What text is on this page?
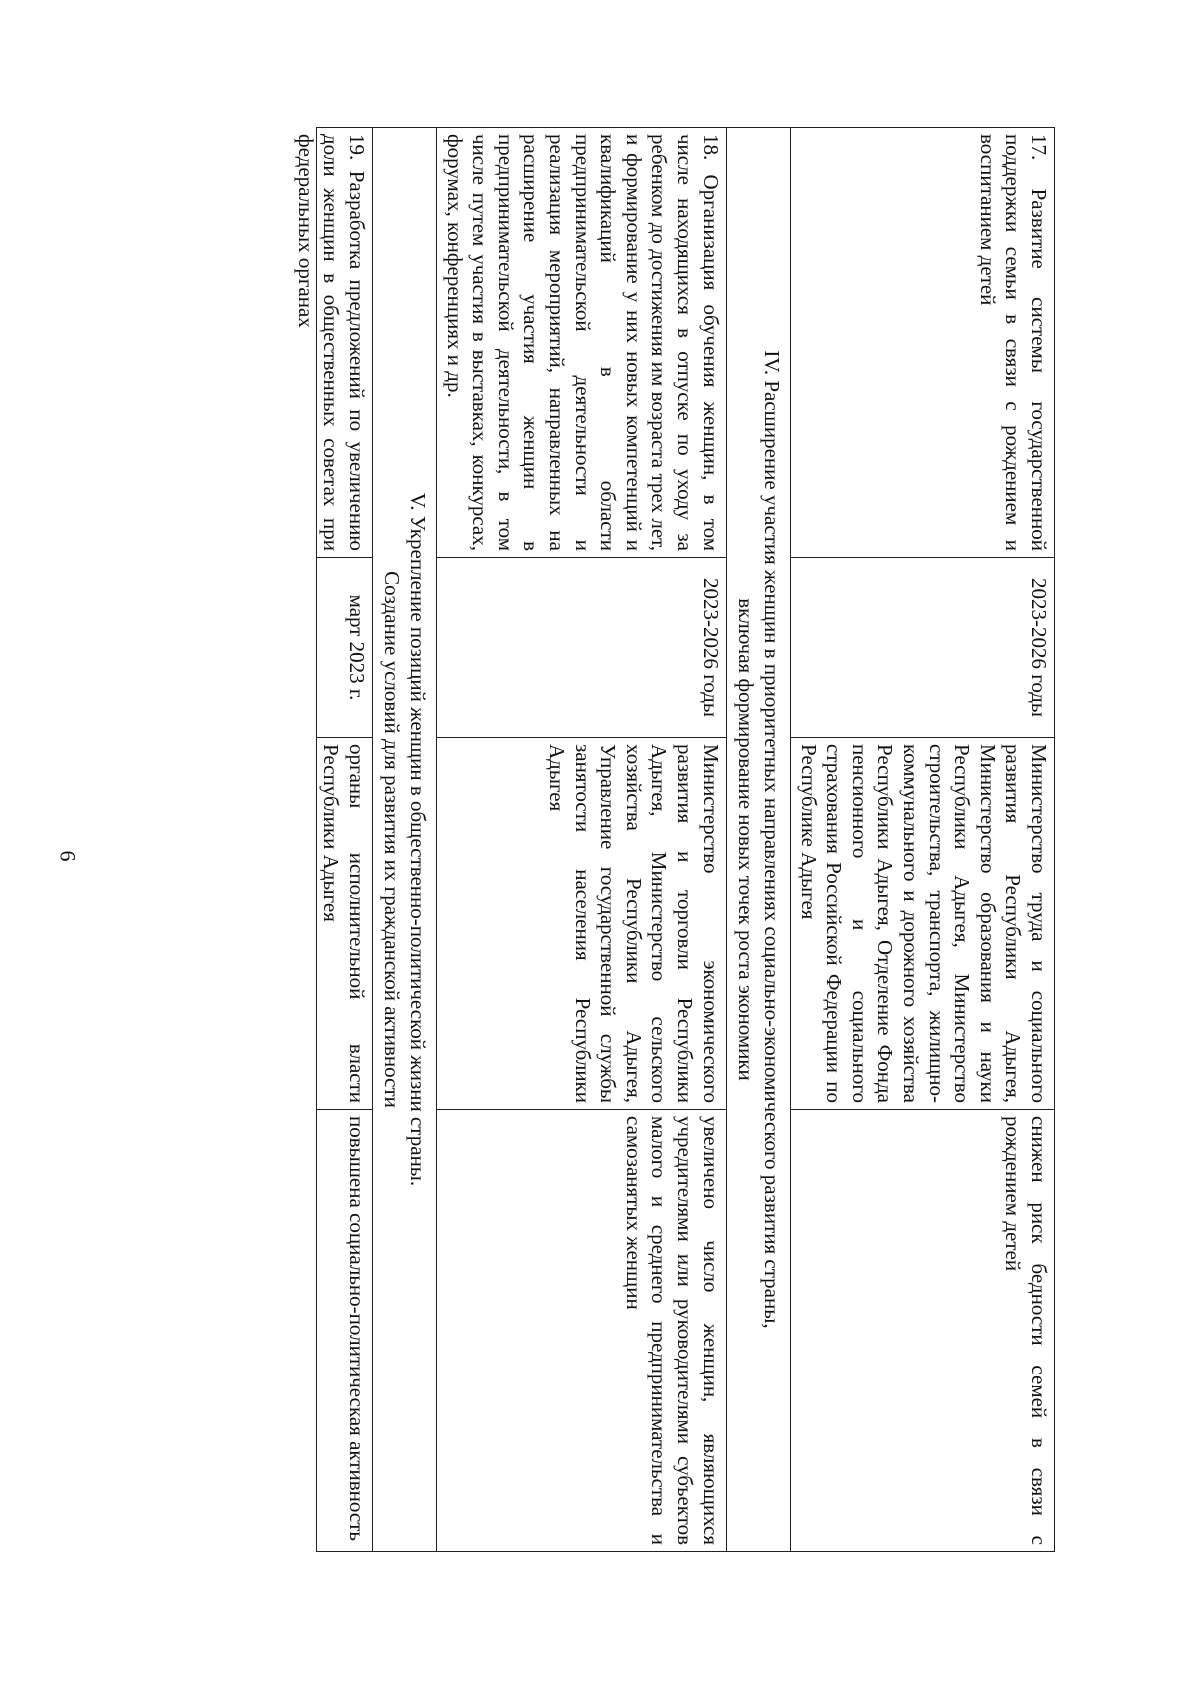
6
17. Развитие системы государственной поддержки семьи в связи с рождением и воспитанием детей	2023-2026 годы	Министерство труда и социального развития Республики Адыгея, Министерство образования и науки Республики Адыгея, Министерство строительства, транспорта, жилищно-коммунального и дорожного хозяйства Республики Адыгея, Отделение Фонда пенсионного и социального страхования Российской Федерации по Республике Адыгея	снижен риск бедности семей в связи с рождением детей

IV. Расширение участия женщин в приоритетных направлениях социально-экономического развития страны,
включая формирование новых точек роста экономики			

18. Организация обучения женщин, в том числе находящихся в отпуске по уходу за ребенком до достижения им возраста трех лет, и формирование у них новых компетенций и квалификаций в области предпринимательской деятельности и реализация мероприятий, направленных на расширение участия женщин в предпринимательской деятельности, в том числе путем участия в выставках, конкурсах, форумах, конференциях и др.	2023-2026 годы	Министерство экономического развития и торговли Республики Адыгея, Министерство сельского хозяйства Республики Адыгея, Управление государственной службы занятости населения Республики Адыгея	увеличено число женщин, являющихся учредителями или руководителями субъектов малого и среднего предпринимательства и самозанятых женщин

V. Укрепление позиций женщин в общественно-политической жизни страны.
Создание условий для развития их гражданской активности			

19. Разработка предложений по увеличению доли женщин в общественных советах при федеральных органах	март 2023 г.	органы исполнительной власти Республики Адыгея	повышена социально-политическая активность
